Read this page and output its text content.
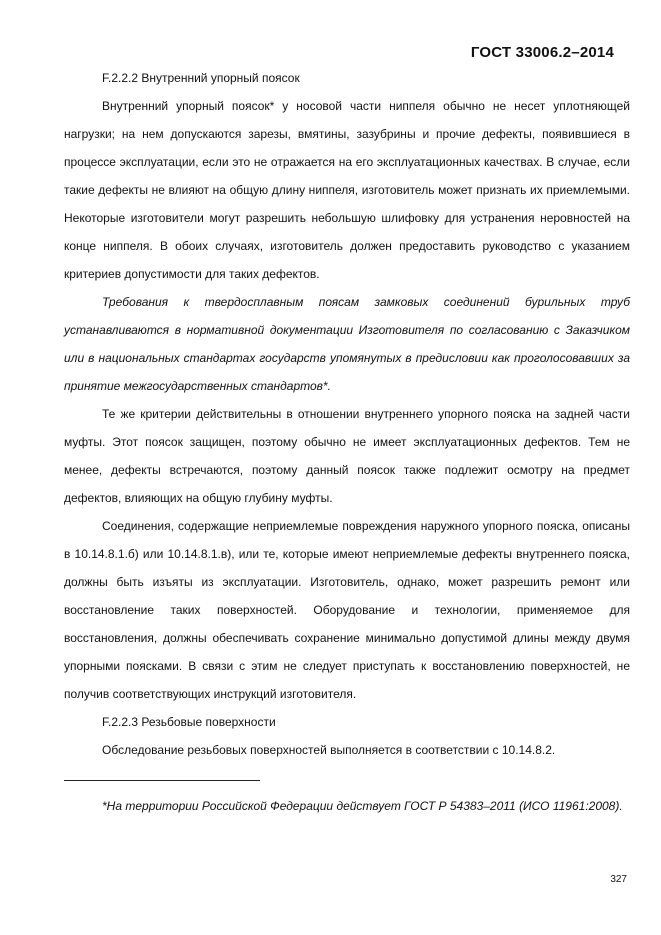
ГОСТ 33006.2–2014

F.2.2.2 Внутренний упорный поясок

Внутренний упорный поясок* у носовой части ниппеля обычно не несет уплотняющей нагрузки; на нем допускаются зарезы, вмятины, зазубрины и прочие дефекты, появившиеся в процессе эксплуатации, если это не отражается на его эксплуатационных качествах. В случае, если такие дефекты не влияют на общую длину ниппеля, изготовитель может признать их приемлемыми. Некоторые изготовители могут разрешить небольшую шлифовку для устранения неровностей на конце ниппеля. В обоих случаях, изготовитель должен предоставить руководство с указанием критериев допустимости для таких дефектов.

Требования к твердосплавным поясам замковых соединений бурильных труб устанавливаются в нормативной документации Изготовителя по согласованию с Заказчиком или в национальных стандартах государств упомянутых в предисловии как проголосовавших за принятие межгосударственных стандартов*.

Те же критерии действительны в отношении внутреннего упорного пояска на задней части муфты. Этот поясок защищен, поэтому обычно не имеет эксплуатационных дефектов. Тем не менее, дефекты встречаются, поэтому данный поясок также подлежит осмотру на предмет дефектов, влияющих на общую глубину муфты.

Соединения, содержащие неприемлемые повреждения наружного упорного пояска, описаны в 10.14.8.1.б) или 10.14.8.1.в), или те, которые имеют неприемлемые дефекты внутреннего пояска, должны быть изъяты из эксплуатации. Изготовитель, однако, может разрешить ремонт или восстановление таких поверхностей. Оборудование и технологии, применяемое для восстановления, должны обеспечивать сохранение минимально допустимой длины между двумя упорными поясками. В связи с этим не следует приступать к восстановлению поверхностей, не получив соответствующих инструкций изготовителя.

F.2.2.3 Резьбовые поверхности

Обследование резьбовых поверхностей выполняется в соответствии с 10.14.8.2.

*На территории Российской Федерации действует ГОСТ Р 54383–2011 (ИСО 11961:2008).
327
